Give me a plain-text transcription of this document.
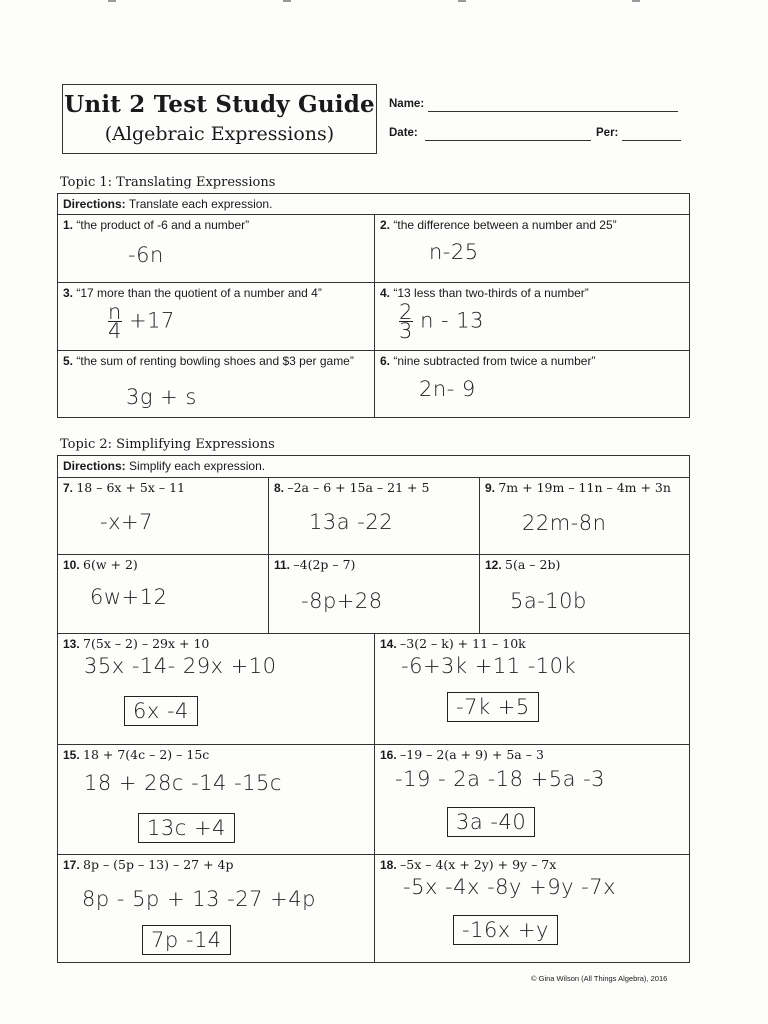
Unit 2 Test Study Guide
(Algebraic Expressions)
Name:
Date:	Per:
Topic 1: Translating Expressions
Directions: Translate each expression.
1. “the product of -6 and a number”
-6n
2. “the difference between a number and 25”
n-25
3. “17 more than the quotient of a number and 4”
$\frac{n}{4} +17$
4. “13 less than two-thirds of a number”
$\frac{2}{3}$ n - 13
5. “the sum of renting bowling shoes and $3 per game”
3g + s
6. “nine subtracted from twice a number”
2n- 9
Topic 2: Simplifying Expressions
Directions: Simplify each expression.
7. 18 – 6x + 5x – 11
-x+7
8. –2a – 6 + 15a – 21 + 5
13a -22
9. 7m + 19m – 11n – 4m + 3n
22m-8n
10. 6(w + 2)
6w+12
11. –4(2p – 7)
-8p+28
12. 5(a – 2b)
5a-10b
13. 7(5x – 2) – 29x + 10
35x -14- 29x +10
6x -4
14. –3(2 – k) + 11 – 10k
-6+3k +11 -10k
-7k +5
15. 18 + 7(4c – 2) – 15c
18 + 28c -14 -15c
13c +4
16. –19 – 2(a + 9) + 5a – 3
-19 - 2a -18 +5a -3
3a -40
17. 8p – (5p – 13) – 27 + 4p
8p - 5p + 13 -27 +4p
7p -14
18. –5x – 4(x + 2y) + 9y – 7x
-5x -4x -8y +9y -7x
-16x +y
© Gina Wilson (All Things Algebra), 2016
